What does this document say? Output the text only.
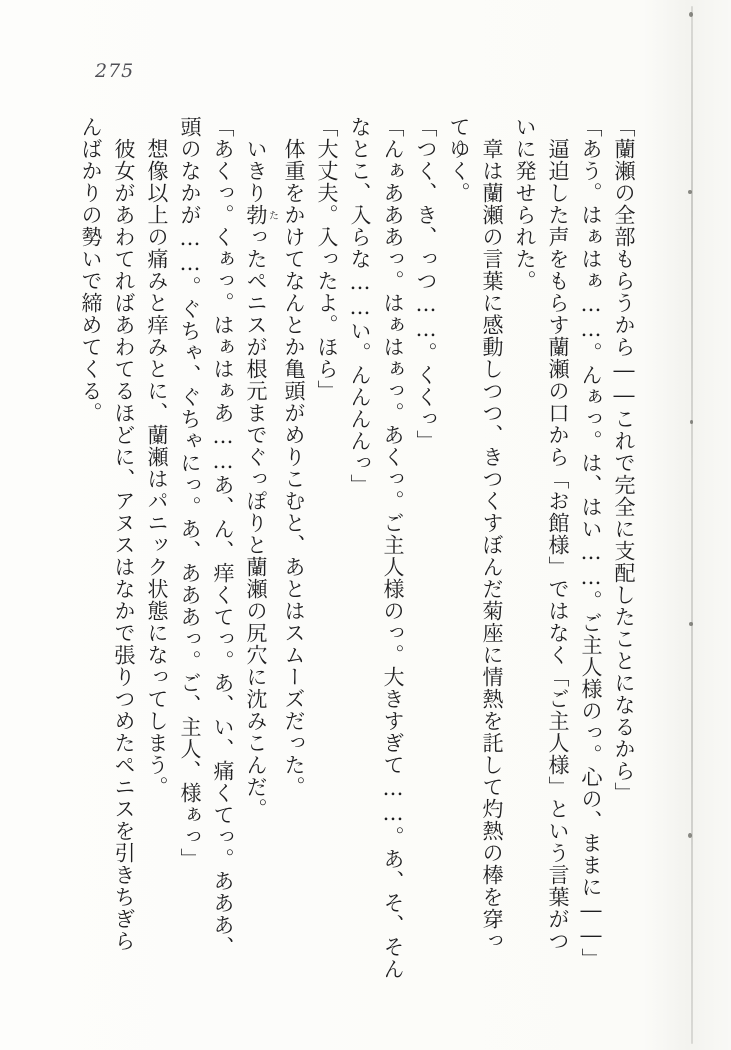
275

「蘭瀬の全部もらうから――これで完全に支配したことになるから」

「あう。はぁはぁ……。んぁっ。は、はい……。ご主人様のっ。心の、ままに――」

逼迫した声をもらす蘭瀬の口から「お館様」ではなく「ご主人様」という言葉がつ

いに発せられた。

章は蘭瀬の言葉に感動しつつ、きつくすぼんだ菊座に情熱を託して灼熱の棒を穿っ

てゆく。

「つく、き、っつ……。くくっ」

「んぁあああっ。はぁはぁっ。あくっ。ご主人様のっ。大きすぎて……。あ、そ、そん

なとこ、入らな……い。んんんんっ」

「大丈夫。入ったよ。ほら」

体重をかけてなんとか亀頭がめりこむと、あとはスムーズだった。

いきり勃たったペニスが根元までぐっぽりと蘭瀬の尻穴に沈みこんだ。

「あくっ。くぁっ。はぁはぁあ……あ、ん、痒くてっ。あ、い、痛くてっ。あああ、

頭のなかが……。ぐちゃ、ぐちゃにっ。あ、あああっ。ご、主人、様ぁっ」

想像以上の痛みと痒みとに、蘭瀬はパニック状態になってしまう。

彼女があわてればあわてるほどに、アヌスはなかで張りつめたペニスを引きちぎら

んばかりの勢いで締めてくる。
